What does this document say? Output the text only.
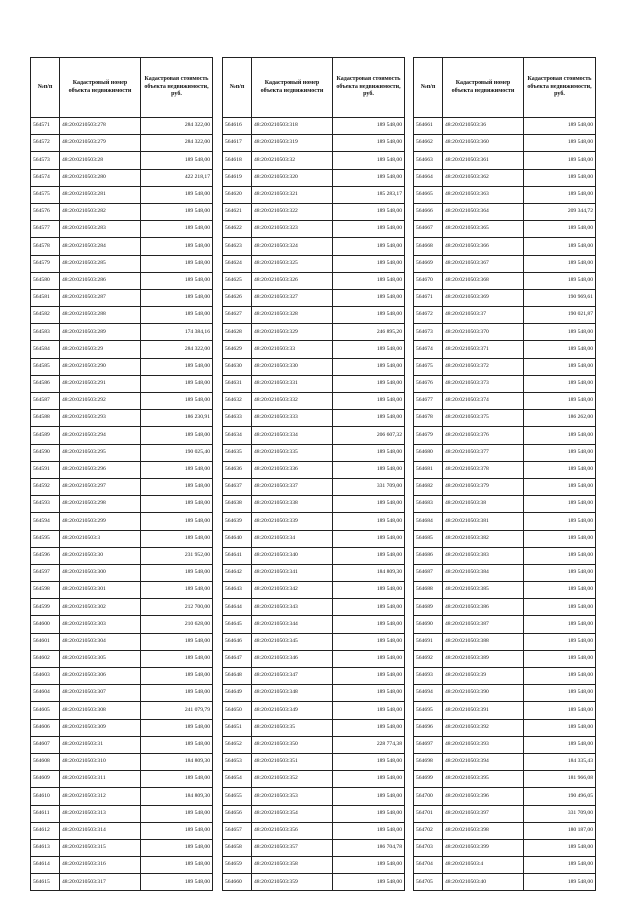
№п/п	Кадастровый номер объекта недвижимости	Кадастровая стоимость объекта недвижимости, руб.
564571	48:20:0210503:278	284 322,00
564572	48:20:0210503:279	284 322,00
564573	48:20:0210503:28	189 548,00
564574	48:20:0210503:280	422 218,17
564575	48:20:0210503:281	189 548,00
564576	48:20:0210503:282	189 548,00
564577	48:20:0210503:283	189 548,00
564578	48:20:0210503:284	189 548,00
564579	48:20:0210503:285	189 548,00
564580	48:20:0210503:286	189 548,00
564581	48:20:0210503:287	189 548,00
564582	48:20:0210503:288	189 548,00
564583	48:20:0210503:289	174 384,16
564584	48:20:0210503:29	284 322,00
564585	48:20:0210503:290	189 548,00
564586	48:20:0210503:291	189 548,00
564587	48:20:0210503:292	189 548,00
564588	48:20:0210503:293	186 230,91
564589	48:20:0210503:294	189 548,00
564590	48:20:0210503:295	190 025,40
564591	48:20:0210503:296	189 548,00
564592	48:20:0210503:297	189 548,00
564593	48:20:0210503:298	189 548,00
564594	48:20:0210503:299	189 548,00
564595	48:20:0210503:3	189 548,00
564596	48:20:0210503:30	231 952,00
564597	48:20:0210503:300	189 548,00
564598	48:20:0210503:301	189 548,00
564599	48:20:0210503:302	212 700,00
564600	48:20:0210503:303	210 628,00
564601	48:20:0210503:304	189 548,00
564602	48:20:0210503:305	189 548,00
564603	48:20:0210503:306	189 548,00
564604	48:20:0210503:307	189 548,00
564605	48:20:0210503:308	241 079,79
564606	48:20:0210503:309	189 548,00
564607	48:20:0210503:31	189 548,00
564608	48:20:0210503:310	184 809,30
564609	48:20:0210503:311	189 548,00
564610	48:20:0210503:312	184 809,30
564611	48:20:0210503:313	189 548,00
564612	48:20:0210503:314	189 548,00
564613	48:20:0210503:315	189 548,00
564614	48:20:0210503:316	189 548,00
564615	48:20:0210503:317	189 548,00
№п/п	Кадастровый номер объекта недвижимости	Кадастровая стоимость объекта недвижимости, руб.
564616	48:20:0210503:318	189 548,00
564617	48:20:0210503:319	189 548,00
564618	48:20:0210503:32	189 548,00
564619	48:20:0210503:320	189 548,00
564620	48:20:0210503:321	185 283,17
564621	48:20:0210503:322	189 548,00
564622	48:20:0210503:323	189 548,00
564623	48:20:0210503:324	189 548,00
564624	48:20:0210503:325	189 548,00
564625	48:20:0210503:326	189 548,00
564626	48:20:0210503:327	189 548,00
564627	48:20:0210503:328	189 548,00
564628	48:20:0210503:329	246 895,20
564629	48:20:0210503:33	189 548,00
564630	48:20:0210503:330	189 548,00
564631	48:20:0210503:331	189 548,00
564632	48:20:0210503:332	189 548,00
564633	48:20:0210503:333	189 548,00
564634	48:20:0210503:334	206 607,32
564635	48:20:0210503:335	189 548,00
564636	48:20:0210503:336	189 548,00
564637	48:20:0210503:337	331 709,00
564638	48:20:0210503:338	189 548,00
564639	48:20:0210503:339	189 548,00
564640	48:20:0210503:34	189 548,00
564641	48:20:0210503:340	189 548,00
564642	48:20:0210503:341	184 809,30
564643	48:20:0210503:342	189 548,00
564644	48:20:0210503:343	189 548,00
564645	48:20:0210503:344	189 548,00
564646	48:20:0210503:345	189 548,00
564647	48:20:0210503:346	189 548,00
564648	48:20:0210503:347	189 548,00
564649	48:20:0210503:348	189 548,00
564650	48:20:0210503:349	189 548,00
564651	48:20:0210503:35	189 548,00
564652	48:20:0210503:350	228 774,38
564653	48:20:0210503:351	189 548,00
564654	48:20:0210503:352	189 548,00
564655	48:20:0210503:353	189 548,00
564656	48:20:0210503:354	189 548,00
564657	48:20:0210503:356	189 548,00
564658	48:20:0210503:357	186 704,78
564659	48:20:0210503:358	189 548,00
564660	48:20:0210503:359	189 548,00
№п/п	Кадастровый номер объекта недвижимости	Кадастровая стоимость объекта недвижимости, руб.
564661	48:20:0210503:36	189 548,00
564662	48:20:0210503:360	189 548,00
564663	48:20:0210503:361	189 548,00
564664	48:20:0210503:362	189 548,00
564665	48:20:0210503:363	189 548,00
564666	48:20:0210503:364	209 344,72
564667	48:20:0210503:365	189 548,00
564668	48:20:0210503:366	189 548,00
564669	48:20:0210503:367	189 548,00
564670	48:20:0210503:368	189 548,00
564671	48:20:0210503:369	190 969,61
564672	48:20:0210503:37	190 021,87
564673	48:20:0210503:370	189 548,00
564674	48:20:0210503:371	189 548,00
564675	48:20:0210503:372	189 548,00
564676	48:20:0210503:373	189 548,00
564677	48:20:0210503:374	189 548,00
564678	48:20:0210503:375	186 262,00
564679	48:20:0210503:376	189 548,00
564680	48:20:0210503:377	189 548,00
564681	48:20:0210503:378	189 548,00
564682	48:20:0210503:379	189 548,00
564683	48:20:0210503:38	189 548,00
564684	48:20:0210503:381	189 548,00
564685	48:20:0210503:382	189 548,00
564686	48:20:0210503:383	189 548,00
564687	48:20:0210503:384	189 548,00
564688	48:20:0210503:385	189 548,00
564689	48:20:0210503:386	189 548,00
564690	48:20:0210503:387	189 548,00
564691	48:20:0210503:388	189 548,00
564692	48:20:0210503:389	189 548,00
564693	48:20:0210503:39	189 548,00
564694	48:20:0210503:390	189 548,00
564695	48:20:0210503:391	189 548,00
564696	48:20:0210503:392	189 548,00
564697	48:20:0210503:393	189 548,00
564698	48:20:0210503:394	184 335,43
564699	48:20:0210503:395	181 966,08
564700	48:20:0210503:396	190 496,05
564701	48:20:0210503:397	331 709,00
564702	48:20:0210503:398	180 187,00
564703	48:20:0210503:399	189 548,00
564704	48:20:0210503:4	189 548,00
564705	48:20:0210503:40	189 548,00
